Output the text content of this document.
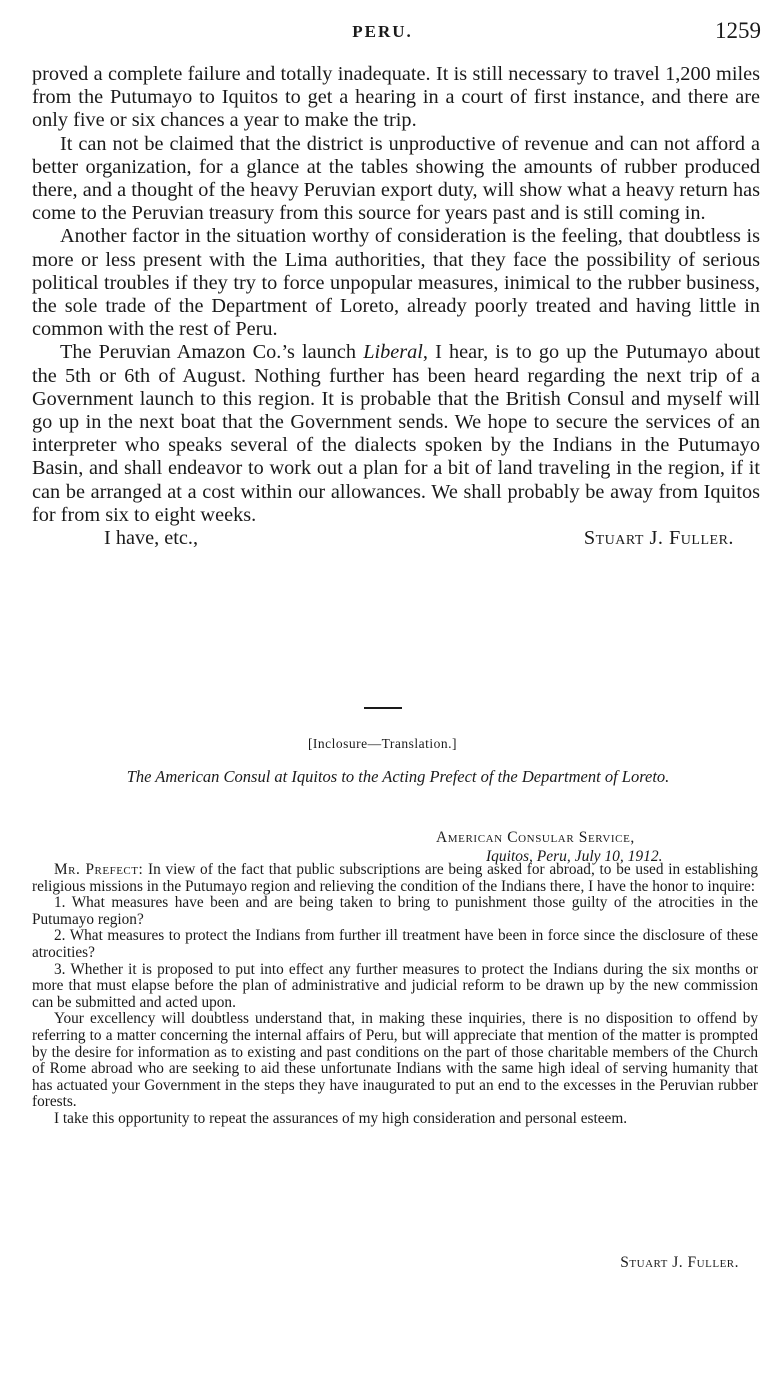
PERU.	1259

proved a complete failure and totally inadequate. It is still necessary to travel 1,200 miles from the Putumayo to Iquitos to get a hearing in a court of first instance, and there are only five or six chances a year to make the trip.

It can not be claimed that the district is unproductive of revenue and can not afford a better organization, for a glance at the tables showing the amounts of rubber produced there, and a thought of the heavy Peruvian export duty, will show what a heavy return has come to the Peruvian treasury from this source for years past and is still coming in.

Another factor in the situation worthy of consideration is the feeling, that doubtless is more or less present with the Lima authorities, that they face the possibility of serious political troubles if they try to force unpopular measures, inimical to the rubber business, the sole trade of the Department of Loreto, already poorly treated and having little in common with the rest of Peru.

The Peruvian Amazon Co.’s launch Liberal, I hear, is to go up the Putumayo about the 5th or 6th of August. Nothing further has been heard regarding the next trip of a Government launch to this region. It is probable that the British Consul and myself will go up in the next boat that the Government sends. We hope to secure the services of an interpreter who speaks several of the dialects spoken by the Indians in the Putumayo Basin, and shall endeavor to work out a plan for a bit of land traveling in the region, if it can be arranged at a cost within our allowances. We shall probably be away from Iquitos for from six to eight weeks.

I have, etc.,	Stuart J. Fuller.
[Inclosure—Translation.]
The American Consul at Iquitos to the Acting Prefect of the Department of Loreto.
American Consular Service,
Iquitos, Peru, July 10, 1912.

Mr. Prefect: In view of the fact that public subscriptions are being asked for abroad, to be used in establishing religious missions in the Putumayo region and relieving the condition of the Indians there, I have the honor to inquire:

1. What measures have been and are being taken to bring to punishment those guilty of the atrocities in the Putumayo region?

2. What measures to protect the Indians from further ill treatment have been in force since the disclosure of these atrocities?

3. Whether it is proposed to put into effect any further measures to protect the Indians during the six months or more that must elapse before the plan of administrative and judicial reform to be drawn up by the new commission can be submitted and acted upon.

Your excellency will doubtless understand that, in making these inquiries, there is no disposition to offend by referring to a matter concerning the internal affairs of Peru, but will appreciate that mention of the matter is prompted by the desire for information as to existing and past conditions on the part of those charitable members of the Church of Rome abroad who are seeking to aid these unfortunate Indians with the same high ideal of serving humanity that has actuated your Government in the steps they have inaugurated to put an end to the excesses in the Peruvian rubber forests.

I take this opportunity to repeat the assurances of my high consideration and personal esteem.

Stuart J. Fuller.
